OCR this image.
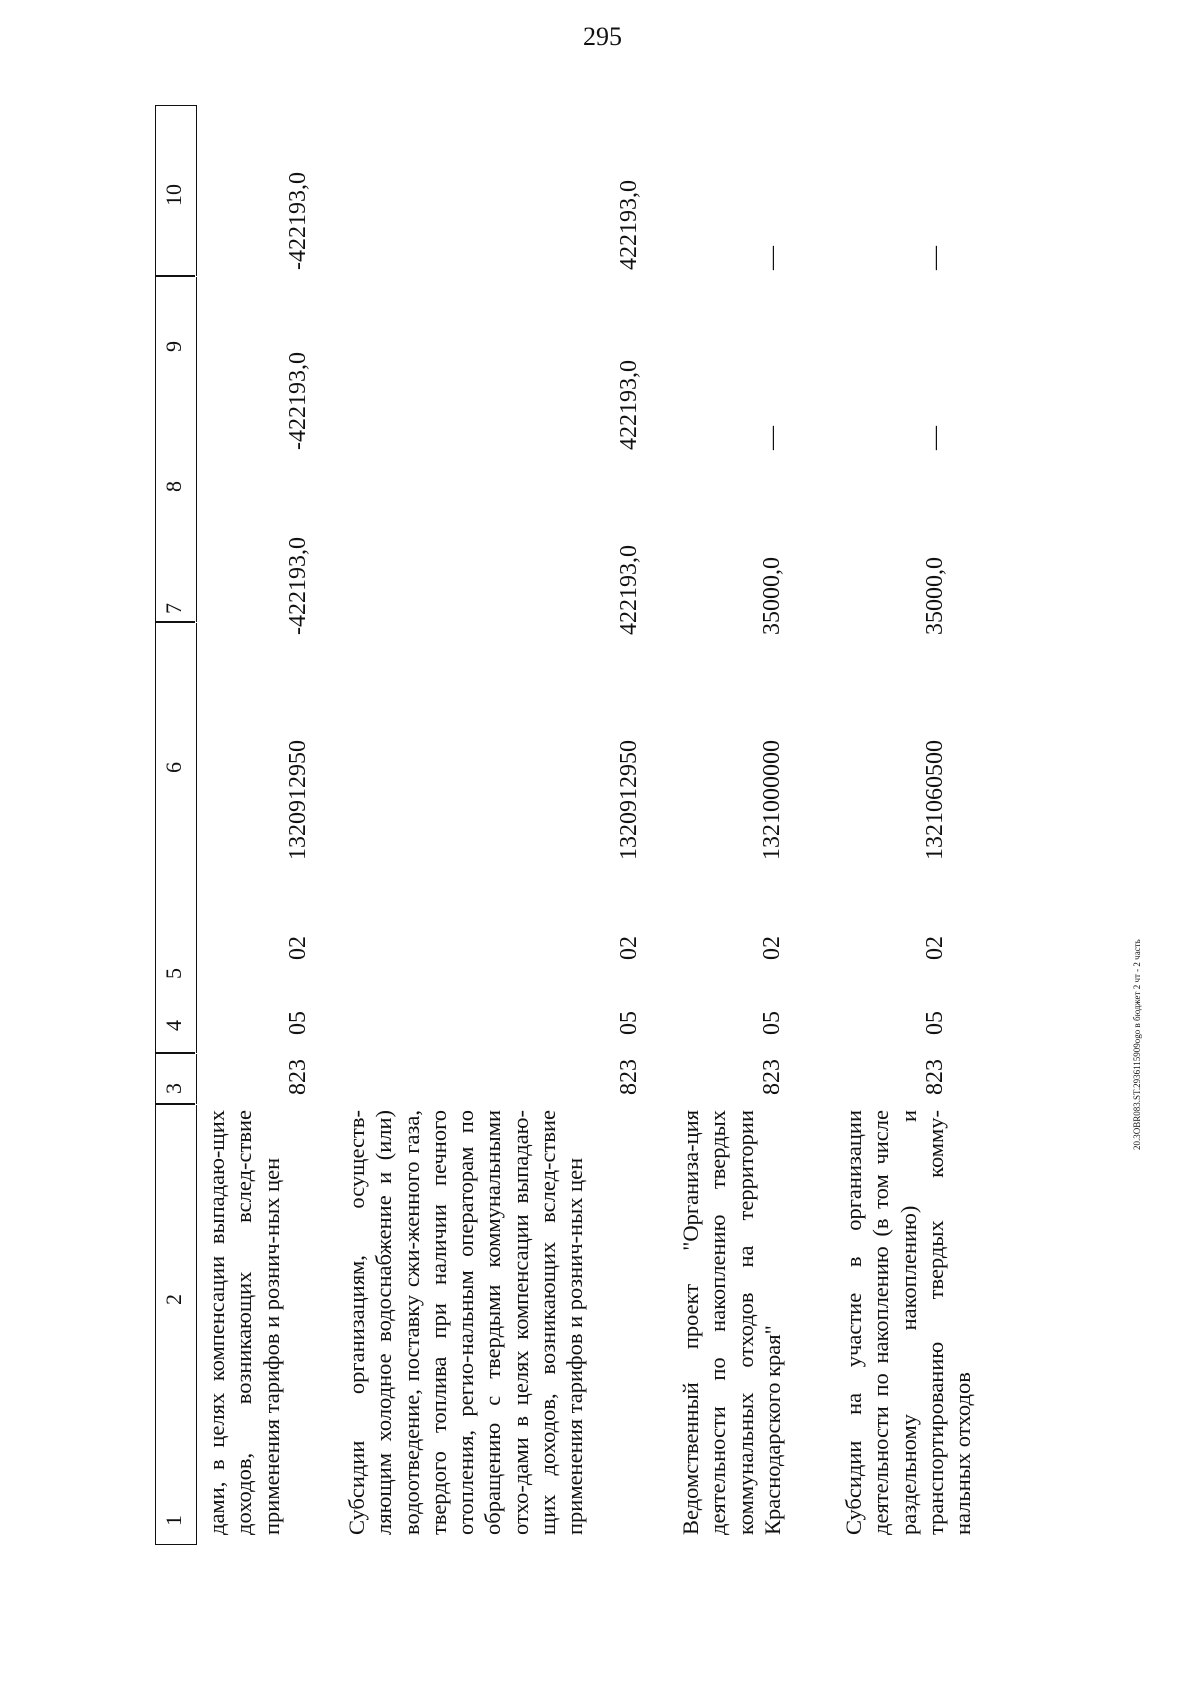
295
1
2
3
4
5
6
7
8
9
10
дами, в целях компенсации выпадаю-щих доходов, возникающих вслед-ствие применения тарифов и рознич-ных цен
823
05
02
1320912950
-422193,0
-422193,0
-422193,0
Субсидии организациям, осуществ-ляющим холодное водоснабжение и (или) водоотведение, поставку сжи-женного газа, твердого топлива при наличии печного отопления, регио-нальным операторам по обращению с твердыми коммунальными отхо-дами в целях компенсации выпадаю-щих доходов, возникающих вслед-ствие применения тарифов и рознич-ных цен
823
05
02
1320912950
422193,0
422193,0
422193,0
Ведомственный проект "Организа-ция деятельности по накоплению твердых коммунальных отходов на территории Краснодарского края"
823
05
02
1321000000
35000,0
—
—
Субсидии на участие в организации деятельности по накоплению (в том числе раздельному накоплению) и транспортированию твердых комму-нальных отходов
823
05
02
1321060500
35000,0
—
—
20.3OBR083.ST.2936115909ogo в бюджет 2 чт - 2 часть
